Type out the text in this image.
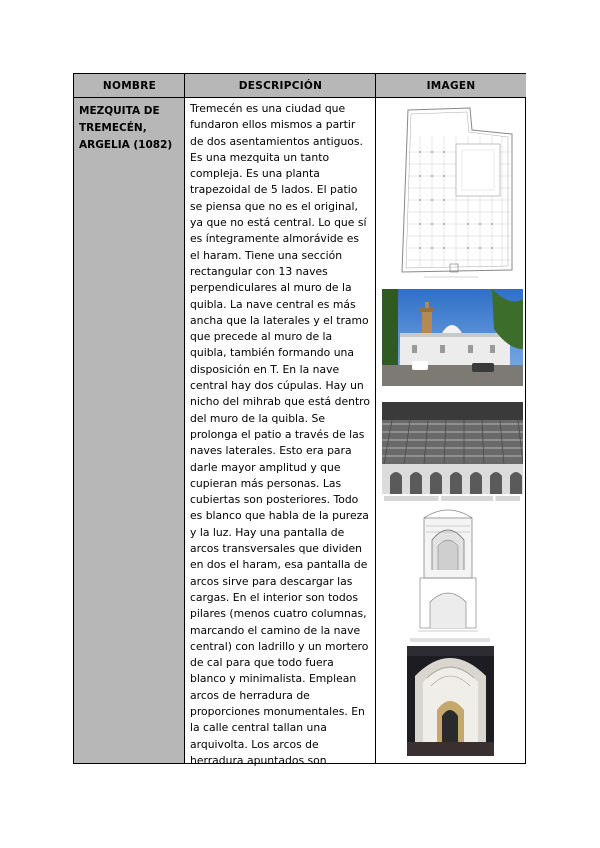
NOMBRE	DESCRIPCIÓN	IMAGEN
MEZQUITA DE TREMECÉN, ARGELIA (1082)
Tremecén es una ciudad que fundaron ellos mismos a partir de dos asentamientos antiguos. Es una mezquita un tanto compleja. Es una planta trapezoidal de 5 lados. El patio se piensa que no es el original, ya que no está central. Lo que sí es íntegramente almorávide es el haram. Tiene una sección rectangular con 13 naves perpendiculares al muro de la quibla. La nave central es más ancha que la laterales y el tramo que precede al muro de la quibla, también formando una disposición en T. En la nave central hay dos cúpulas. Hay un nicho del mihrab que está dentro del muro de la quibla. Se prolonga el patio a través de las naves laterales. Esto era para darle mayor amplitud y que cupieran más personas. Las cubiertas son posteriores. Todo es blanco que habla de la pureza y la luz. Hay una pantalla de arcos transversales que dividen en dos el haram, esa pantalla de arcos sirve para descargar las cargas. En el interior son todos pilares (menos cuatro columnas, marcando el camino de la nave central) con ladrillo y un mortero de cal para que todo fuera blanco y minimalista. Emplean arcos de herradura de proporciones monumentales. En la calle central tallan una arquivolta. Los arcos de herradura apuntados son
